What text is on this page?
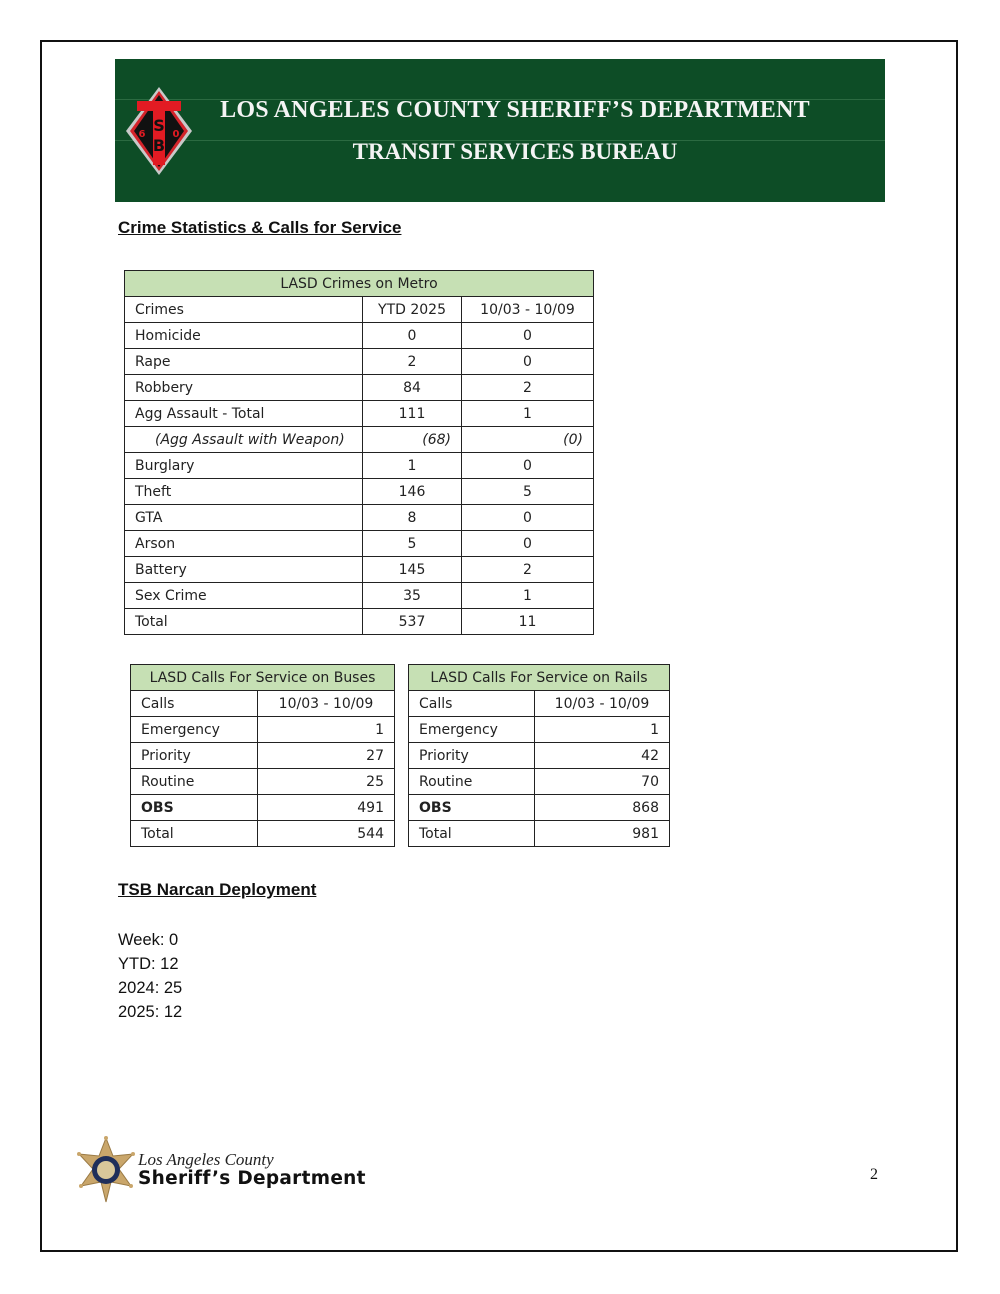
S
B
6	0
LOS ANGELES COUNTY SHERIFF’S DEPARTMENT
TRANSIT SERVICES BUREAU
Crime Statistics & Calls for Service
LASD Crimes on Metro		
Crimes	YTD 2025	10/03 - 10/09
Homicide	0	0
Rape	2	0
Robbery	84	2
Agg Assault - Total	111	1
(Agg Assault with Weapon)	(68)	(0)
Burglary	1	0
Theft	146	5
GTA	8	0
Arson	5	0
Battery	145	2
Sex Crime	35	1
Total	537	11
LASD Calls For Service on Buses	
Calls	10/03 - 10/09
Emergency	1
Priority	27
Routine	25
OBS	491
Total	544
LASD Calls For Service on Rails	
Calls	10/03 - 10/09
Emergency	1
Priority	42
Routine	70
OBS	868
Total	981
TSB Narcan Deployment
Week: 0
YTD: 12
2024: 25
2025: 12
Los Angeles County
Sheriff’s Department	2
